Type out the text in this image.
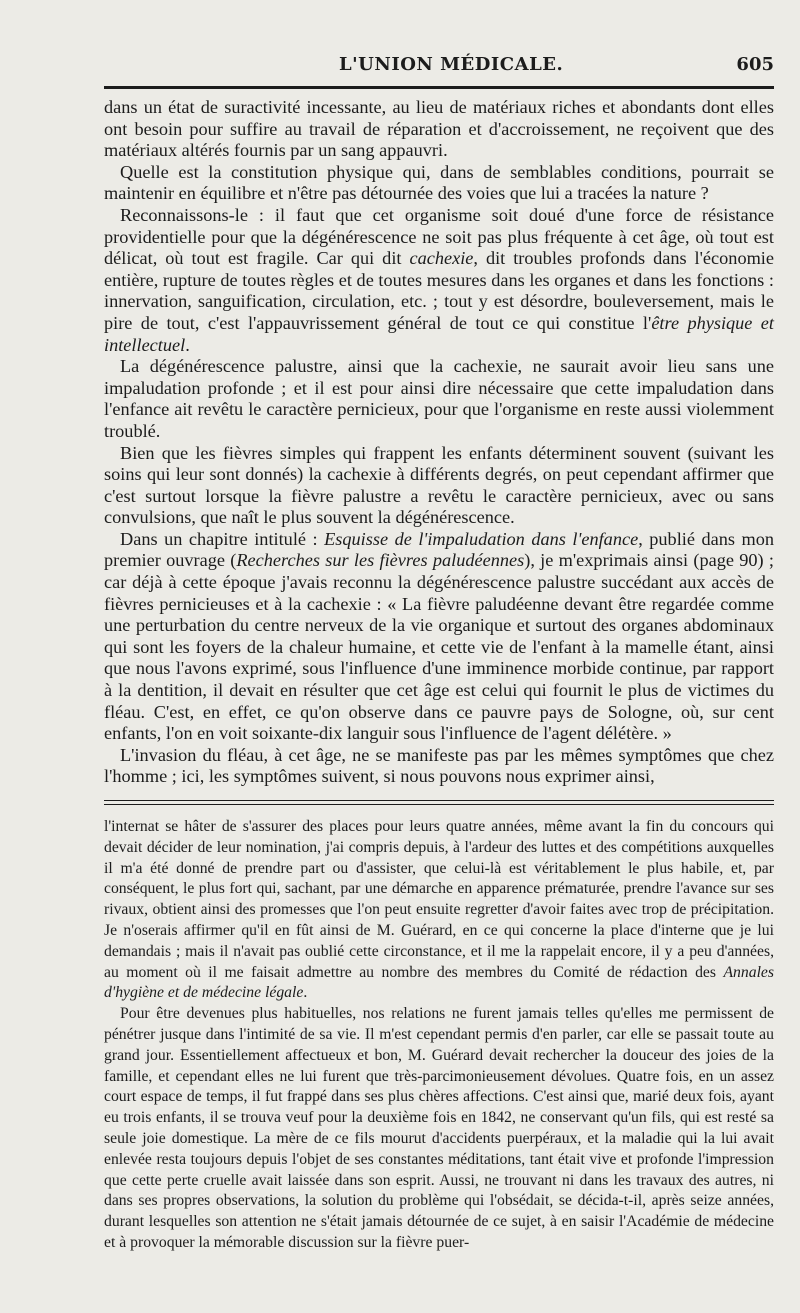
L'UNION MÉDICALE.	605

dans un état de suractivité incessante, au lieu de matériaux riches et abondants dont elles ont besoin pour suffire au travail de réparation et d'accroissement, ne reçoivent que des matériaux altérés fournis par un sang appauvri.

Quelle est la constitution physique qui, dans de semblables conditions, pourrait se maintenir en équilibre et n'être pas détournée des voies que lui a tracées la nature ?

Reconnaissons-le : il faut que cet organisme soit doué d'une force de résistance providentielle pour que la dégénérescence ne soit pas plus fréquente à cet âge, où tout est délicat, où tout est fragile. Car qui dit cachexie, dit troubles profonds dans l'économie entière, rupture de toutes règles et de toutes mesures dans les organes et dans les fonctions : innervation, sanguification, circulation, etc. ; tout y est désordre, bouleversement, mais le pire de tout, c'est l'appauvrissement général de tout ce qui constitue l'être physique et intellectuel.

La dégénérescence palustre, ainsi que la cachexie, ne saurait avoir lieu sans une impaludation profonde ; et il est pour ainsi dire nécessaire que cette impaludation dans l'enfance ait revêtu le caractère pernicieux, pour que l'organisme en reste aussi violemment troublé.

Bien que les fièvres simples qui frappent les enfants déterminent souvent (suivant les soins qui leur sont donnés) la cachexie à différents degrés, on peut cependant affirmer que c'est surtout lorsque la fièvre palustre a revêtu le caractère pernicieux, avec ou sans convulsions, que naît le plus souvent la dégénérescence.

Dans un chapitre intitulé : Esquisse de l'impaludation dans l'enfance, publié dans mon premier ouvrage (Recherches sur les fièvres paludéennes), je m'exprimais ainsi (page 90) ; car déjà à cette époque j'avais reconnu la dégénérescence palustre succédant aux accès de fièvres pernicieuses et à la cachexie : « La fièvre paludéenne devant être regardée comme une perturbation du centre nerveux de la vie organique et surtout des organes abdominaux qui sont les foyers de la chaleur humaine, et cette vie de l'enfant à la mamelle étant, ainsi que nous l'avons exprimé, sous l'influence d'une imminence morbide continue, par rapport à la dentition, il devait en résulter que cet âge est celui qui fournit le plus de victimes du fléau. C'est, en effet, ce qu'on observe dans ce pauvre pays de Sologne, où, sur cent enfants, l'on en voit soixante-dix languir sous l'influence de l'agent délétère. »

L'invasion du fléau, à cet âge, ne se manifeste pas par les mêmes symptômes que chez l'homme ; ici, les symptômes suivent, si nous pouvons nous exprimer ainsi,

l'internat se hâter de s'assurer des places pour leurs quatre années, même avant la fin du concours qui devait décider de leur nomination, j'ai compris depuis, à l'ardeur des luttes et des compétitions auxquelles il m'a été donné de prendre part ou d'assister, que celui-là est véritablement le plus habile, et, par conséquent, le plus fort qui, sachant, par une démarche en apparence prématurée, prendre l'avance sur ses rivaux, obtient ainsi des promesses que l'on peut ensuite regretter d'avoir faites avec trop de précipitation. Je n'oserais affirmer qu'il en fût ainsi de M. Guérard, en ce qui concerne la place d'interne que je lui demandais ; mais il n'avait pas oublié cette circonstance, et il me la rappelait encore, il y a peu d'années, au moment où il me faisait admettre au nombre des membres du Comité de rédaction des Annales d'hygiène et de médecine légale.

Pour être devenues plus habituelles, nos relations ne furent jamais telles qu'elles me permissent de pénétrer jusque dans l'intimité de sa vie. Il m'est cependant permis d'en parler, car elle se passait toute au grand jour. Essentiellement affectueux et bon, M. Guérard devait rechercher la douceur des joies de la famille, et cependant elles ne lui furent que très-parcimonieusement dévolues. Quatre fois, en un assez court espace de temps, il fut frappé dans ses plus chères affections. C'est ainsi que, marié deux fois, ayant eu trois enfants, il se trouva veuf pour la deuxième fois en 1842, ne conservant qu'un fils, qui est resté sa seule joie domestique. La mère de ce fils mourut d'accidents puerpéraux, et la maladie qui la lui avait enlevée resta toujours depuis l'objet de ses constantes méditations, tant était vive et profonde l'impression que cette perte cruelle avait laissée dans son esprit. Aussi, ne trouvant ni dans les travaux des autres, ni dans ses propres observations, la solution du problème qui l'obsédait, se décida-t-il, après seize années, durant lesquelles son attention ne s'était jamais détournée de ce sujet, à en saisir l'Académie de médecine et à provoquer la mémorable discussion sur la fièvre puer-
